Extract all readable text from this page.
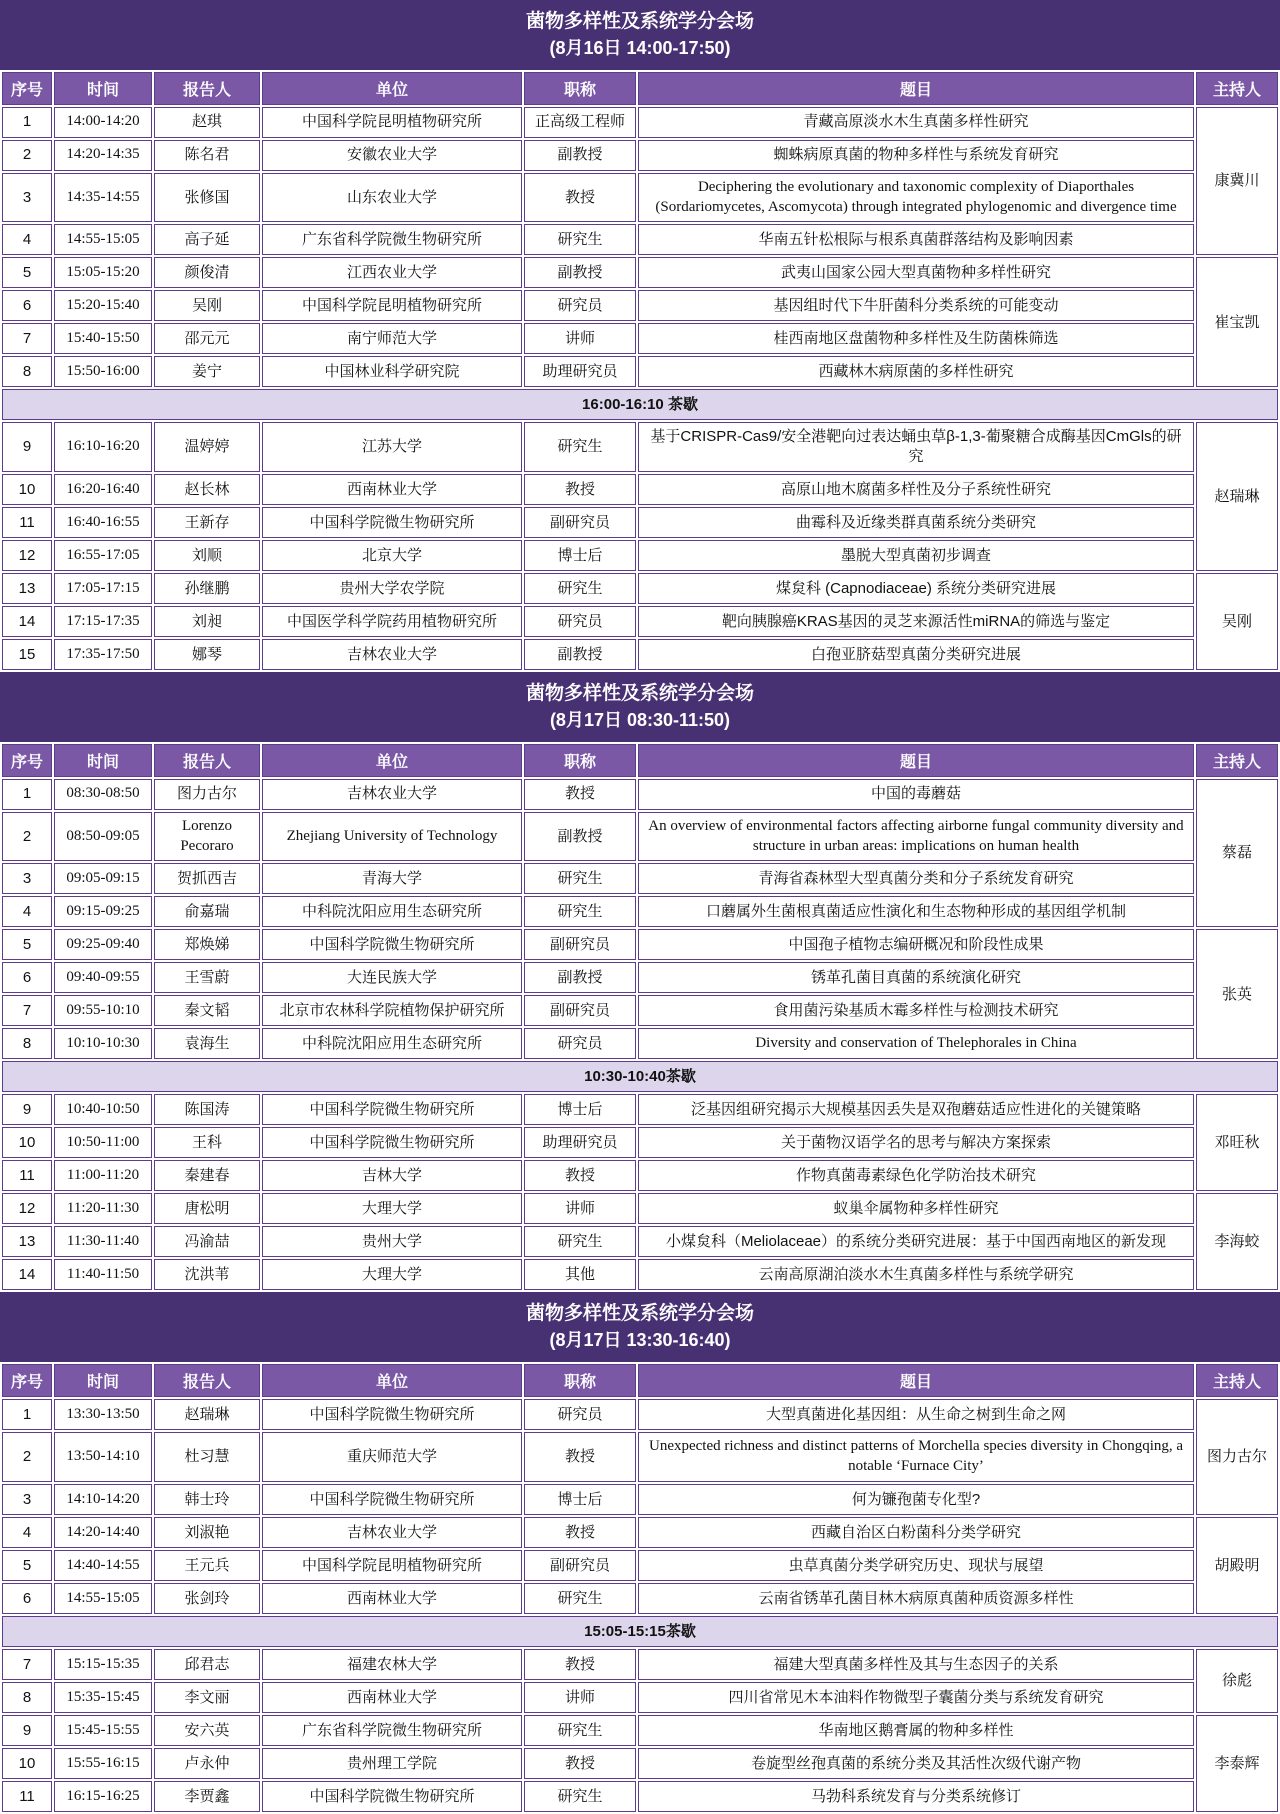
菌物多样性及系统学分会场
(8月16日 14:00-17:50)
序号	时间	报告人	单位	职称	题目	主持人
1	14:00-14:20	赵琪	中国科学院昆明植物研究所	正高级工程师	青藏高原淡水木生真菌多样性研究	康冀川
2	14:20-14:35	陈名君	安徽农业大学	副教授	蜘蛛病原真菌的物种多样性与系统发育研究	
3	14:35-14:55	张修国	山东农业大学	教授	Deciphering the evolutionary and taxonomic complexity of Diaporthales (Sordariomycetes, Ascomycota) through integrated phylogenomic and divergence time	
4	14:55-15:05	高子延	广东省科学院微生物研究所	研究生	华南五针松根际与根系真菌群落结构及影响因素	
5	15:05-15:20	颜俊清	江西农业大学	副教授	武夷山国家公园大型真菌物种多样性研究	崔宝凯
6	15:20-15:40	吴刚	中国科学院昆明植物研究所	研究员	基因组时代下牛肝菌科分类系统的可能变动	
7	15:40-15:50	邵元元	南宁师范大学	讲师	桂西南地区盘菌物种多样性及生防菌株筛选	
8	15:50-16:00	姜宁	中国林业科学研究院	助理研究员	西藏林木病原菌的多样性研究	
16:00-16:10 茶歇						
9	16:10-16:20	温婷婷	江苏大学	研究生	基于CRISPR-Cas9/安全港靶向过表达蛹虫草β-1,3-葡聚糖合成酶基因CmGls的研究	赵瑞琳
10	16:20-16:40	赵长林	西南林业大学	教授	高原山地木腐菌多样性及分子系统性研究	
11	16:40-16:55	王新存	中国科学院微生物研究所	副研究员	曲霉科及近缘类群真菌系统分类研究	
12	16:55-17:05	刘顺	北京大学	博士后	墨脱大型真菌初步调查	
13	17:05-17:15	孙继鹏	贵州大学农学院	研究生	煤炱科 (Capnodiaceae) 系统分类研究进展	吴刚
14	17:15-17:35	刘昶	中国医学科学院药用植物研究所	研究员	靶向胰腺癌KRAS基因的灵芝来源活性miRNA的筛选与鉴定	
15	17:35-17:50	娜琴	吉林农业大学	副教授	白孢亚脐菇型真菌分类研究进展	
菌物多样性及系统学分会场
(8月17日 08:30-11:50)
序号	时间	报告人	单位	职称	题目	主持人
1	08:30-08:50	图力古尔	吉林农业大学	教授	中国的毒蘑菇	蔡磊
2	08:50-09:05	Lorenzo Pecoraro	Zhejiang University of Technology	副教授	An overview of environmental factors affecting airborne fungal community diversity and structure in urban areas: implications on human health	
3	09:05-09:15	贺抓西吉	青海大学	研究生	青海省森林型大型真菌分类和分子系统发育研究	
4	09:15-09:25	俞嘉瑞	中科院沈阳应用生态研究所	研究生	口蘑属外生菌根真菌适应性演化和生态物种形成的基因组学机制	
5	09:25-09:40	郑焕娣	中国科学院微生物研究所	副研究员	中国孢子植物志编研概况和阶段性成果	张英
6	09:40-09:55	王雪蔚	大连民族大学	副教授	锈革孔菌目真菌的系统演化研究	
7	09:55-10:10	秦文韬	北京市农林科学院植物保护研究所	副研究员	食用菌污染基质木霉多样性与检测技术研究	
8	10:10-10:30	袁海生	中科院沈阳应用生态研究所	研究员	Diversity and conservation of Thelephorales in China	
10:30-10:40茶歇						
9	10:40-10:50	陈国涛	中国科学院微生物研究所	博士后	泛基因组研究揭示大规模基因丢失是双孢蘑菇适应性进化的关键策略	邓旺秋
10	10:50-11:00	王科	中国科学院微生物研究所	助理研究员	关于菌物汉语学名的思考与解决方案探索	
11	11:00-11:20	秦建春	吉林大学	教授	作物真菌毒素绿色化学防治技术研究	
12	11:20-11:30	唐松明	大理大学	讲师	蚁巢伞属物种多样性研究	李海蛟
13	11:30-11:40	冯渝喆	贵州大学	研究生	小煤炱科（Meliolaceae）的系统分类研究进展：基于中国西南地区的新发现	
14	11:40-11:50	沈洪苇	大理大学	其他	云南高原湖泊淡水木生真菌多样性与系统学研究	
菌物多样性及系统学分会场
(8月17日 13:30-16:40)
序号	时间	报告人	单位	职称	题目	主持人
1	13:30-13:50	赵瑞琳	中国科学院微生物研究所	研究员	大型真菌进化基因组：从生命之树到生命之网	图力古尔
2	13:50-14:10	杜习慧	重庆师范大学	教授	Unexpected richness and distinct patterns of Morchella species diversity in Chongqing, a notable ‘Furnace City’	
3	14:10-14:20	韩士玲	中国科学院微生物研究所	博士后	何为镰孢菌专化型?	
4	14:20-14:40	刘淑艳	吉林农业大学	教授	西藏自治区白粉菌科分类学研究	胡殿明
5	14:40-14:55	王元兵	中国科学院昆明植物研究所	副研究员	虫草真菌分类学研究历史、现状与展望	
6	14:55-15:05	张剑玲	西南林业大学	研究生	云南省锈革孔菌目林木病原真菌种质资源多样性	
15:05-15:15茶歇						
7	15:15-15:35	邱君志	福建农林大学	教授	福建大型真菌多样性及其与生态因子的关系	徐彪
8	15:35-15:45	李文丽	西南林业大学	讲师	四川省常见木本油料作物微型子囊菌分类与系统发育研究	
9	15:45-15:55	安六英	广东省科学院微生物研究所	研究生	华南地区鹅膏属的物种多样性	李泰辉
10	15:55-16:15	卢永仲	贵州理工学院	教授	卷旋型丝孢真菌的系统分类及其活性次级代谢产物	
11	16:15-16:25	李贾鑫	中国科学院微生物研究所	研究生	马勃科系统发育与分类系统修订	
